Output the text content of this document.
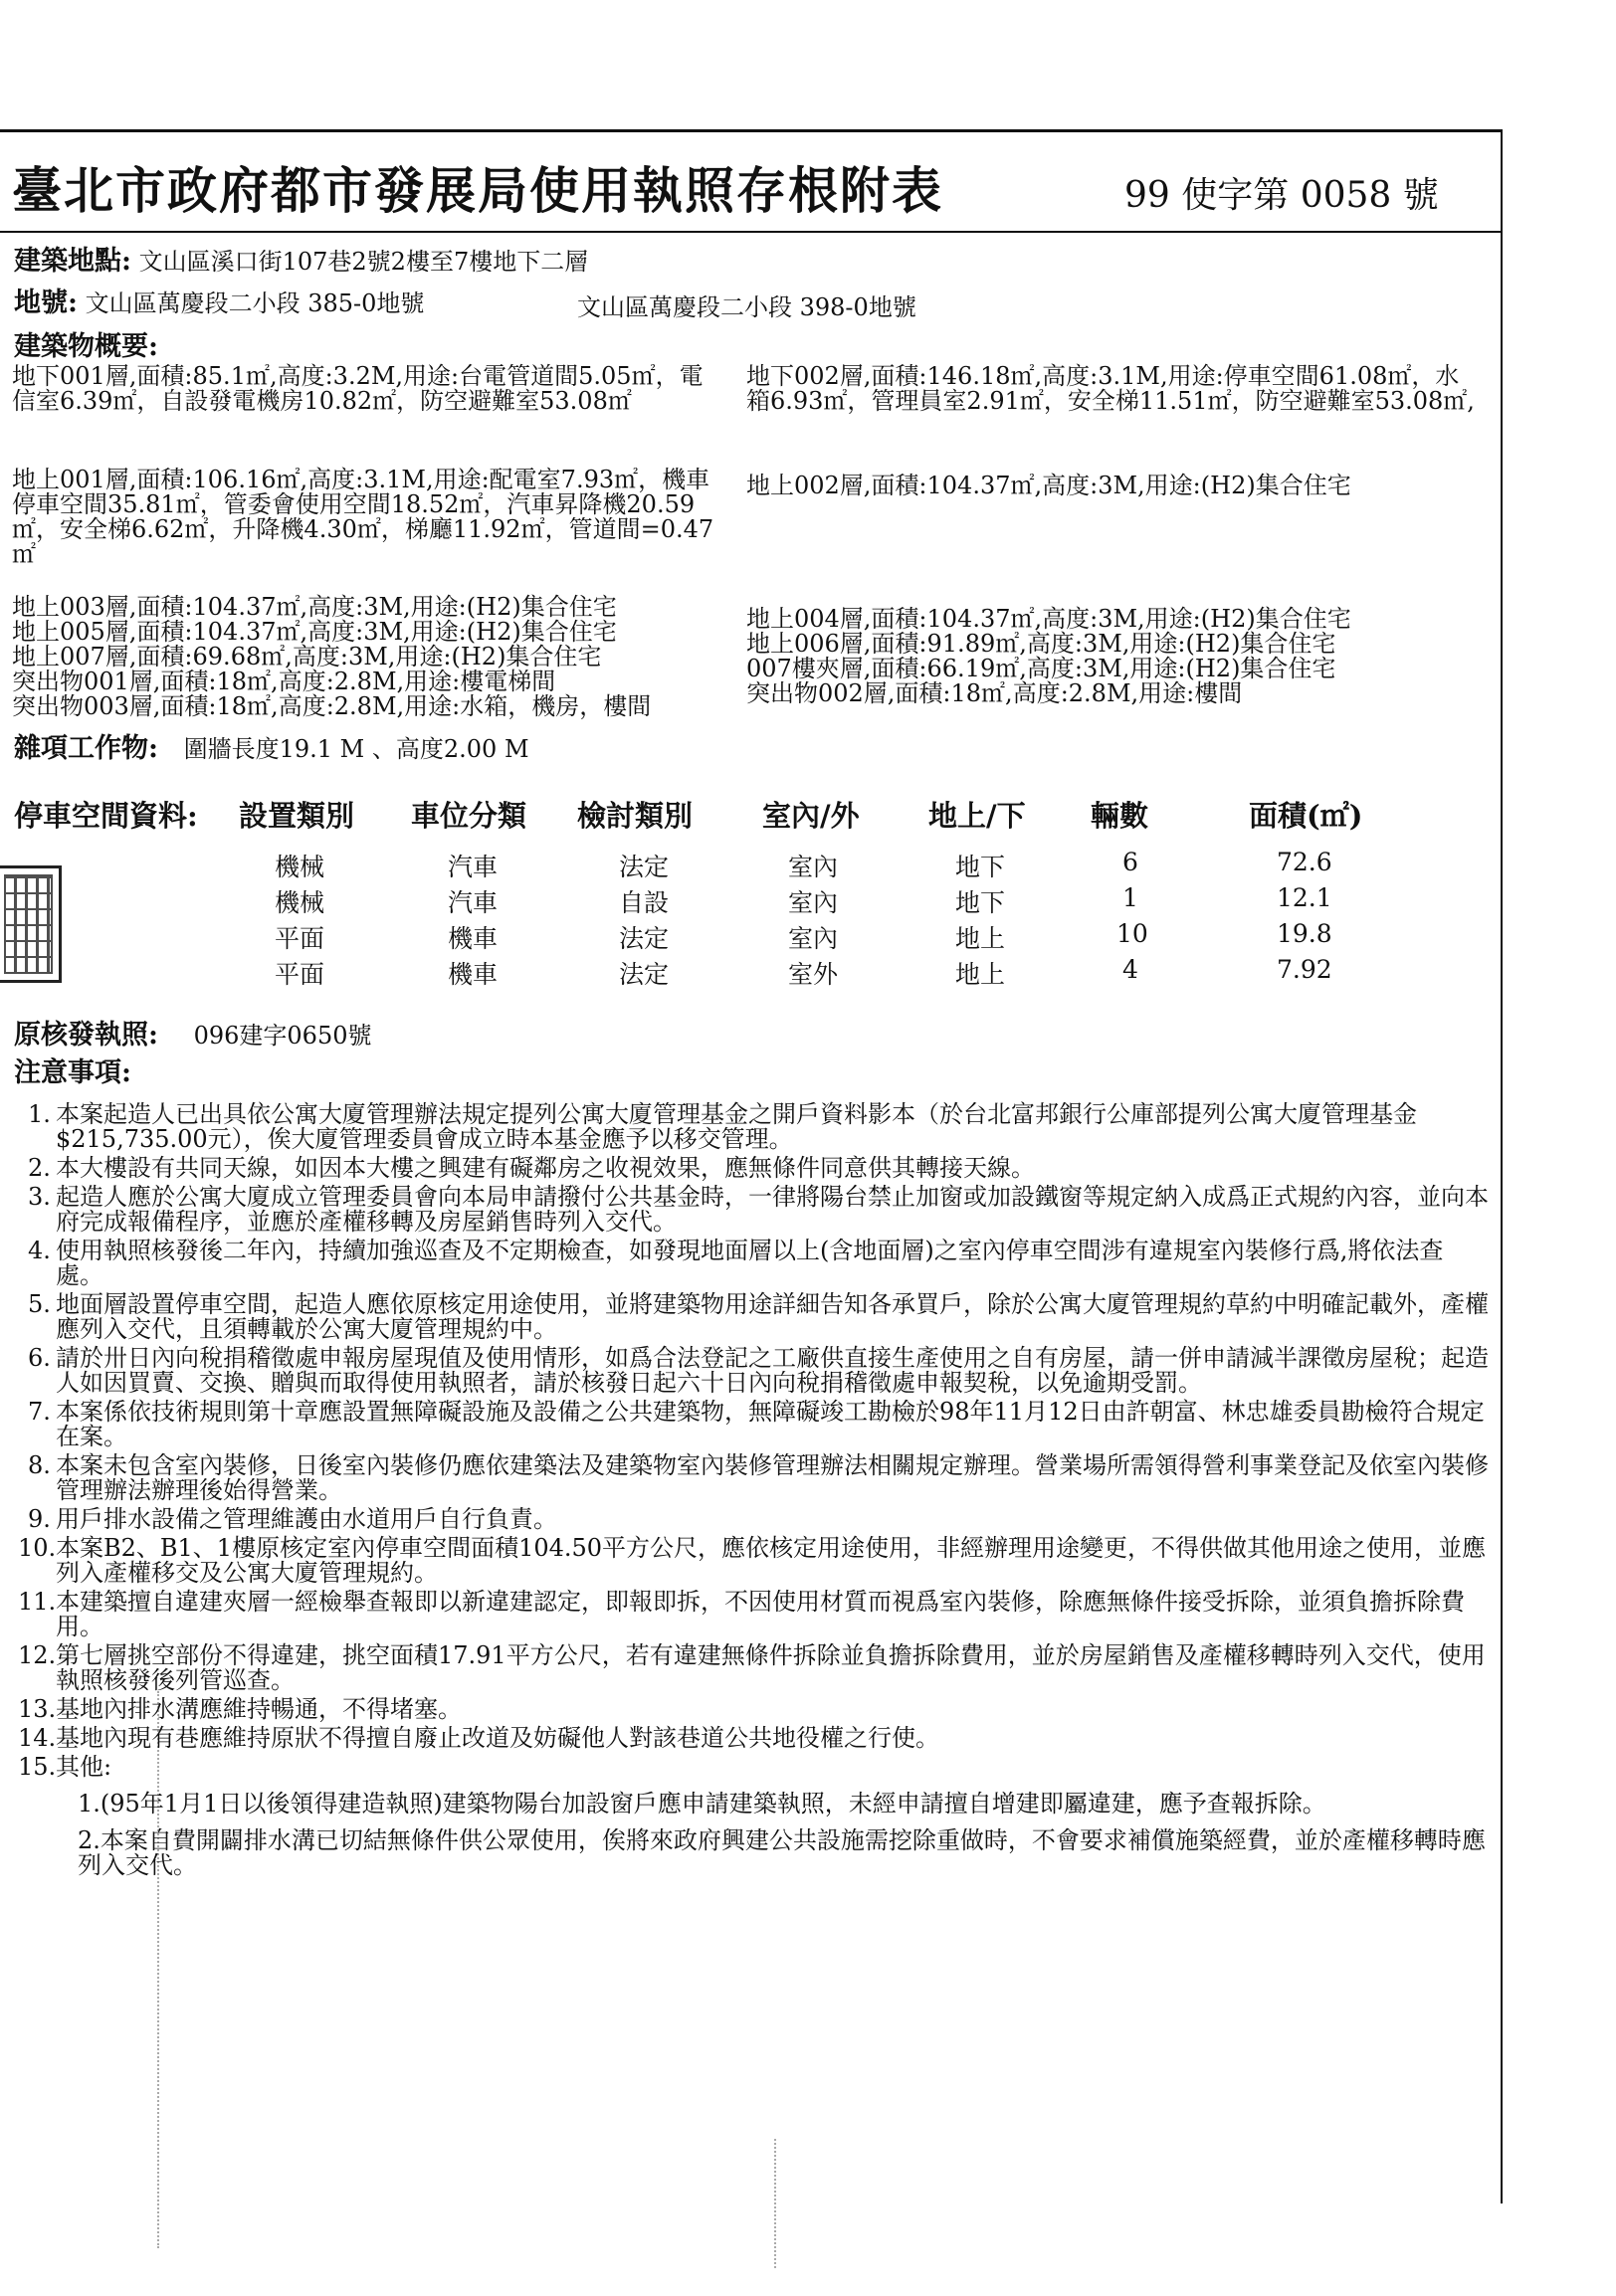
臺北市政府都市發展局使用執照存根附表	99 使字第 0058 號
建築地點: 文山區溪口街107巷2號2樓至7樓地下二層
地號: 文山區萬慶段二小段 385-0地號	文山區萬慶段二小段 398-0地號
建築物概要:
地下001層,面積:85.1㎡,高度:3.2M,用途:台電管道間5.05㎡，電信室6.39㎡，自設發電機房10.82㎡，防空避難室53.08㎡
地上001層,面積:106.16㎡,高度:3.1M,用途:配電室7.93㎡，機車停車空間35.81㎡，管委會使用空間18.52㎡，汽車昇降機20.59㎡，安全梯6.62㎡，升降機4.30㎡，梯廳11.92㎡，管道間=0.47㎡
地上003層,面積:104.37㎡,高度:3M,用途:(H2)集合住宅
地上005層,面積:104.37㎡,高度:3M,用途:(H2)集合住宅
地上007層,面積:69.68㎡,高度:3M,用途:(H2)集合住宅
突出物001層,面積:18㎡,高度:2.8M,用途:樓電梯間
突出物003層,面積:18㎡,高度:2.8M,用途:水箱，機房，樓間
地下002層,面積:146.18㎡,高度:3.1M,用途:停車空間61.08㎡，水箱6.93㎡，管理員室2.91㎡，安全梯11.51㎡，防空避難室53.08㎡,
地上002層,面積:104.37㎡,高度:3M,用途:(H2)集合住宅
地上004層,面積:104.37㎡,高度:3M,用途:(H2)集合住宅
地上006層,面積:91.89㎡,高度:3M,用途:(H2)集合住宅
007樓夾層,面積:66.19㎡,高度:3M,用途:(H2)集合住宅
突出物002層,面積:18㎡,高度:2.8M,用途:樓間
雜項工作物: 圍牆長度19.1 M 、高度2.00 M
停車空間資料: 設置類別 車位分類 檢討類別 室內/外 地上/下 輛數	面積(㎡)
機械	汽車	法定	室內	地下	6	72.6
機械	汽車	自設	室內	地下	1	12.1
平面	機車	法定	室內	地上	10	19.8
平面	機車	法定	室外	地上	4	7.92
原核發執照: 096建字0650號
注意事項:
1. 本案起造人已出具依公寓大廈管理辦法規定提列公寓大廈管理基金之開戶資料影本（於台北富邦銀行公庫部提列公寓大廈管理基金$215,735.00元），俟大廈管理委員會成立時本基金應予以移交管理。
2. 本大樓設有共同天線，如因本大樓之興建有礙鄰房之收視效果，應無條件同意供其轉接天線。
3. 起造人應於公寓大廈成立管理委員會向本局申請撥付公共基金時，一律將陽台禁止加窗或加設鐵窗等規定納入成爲正式規約內容，並向本府完成報備程序，並應於產權移轉及房屋銷售時列入交代。
4. 使用執照核發後二年內，持續加強巡查及不定期檢查，如發現地面層以上(含地面層)之室內停車空間涉有違規室內裝修行爲,將依法查處。
5. 地面層設置停車空間，起造人應依原核定用途使用，並將建築物用途詳細告知各承買戶，除於公寓大廈管理規約草約中明確記載外，產權應列入交代，且須轉載於公寓大廈管理規約中。
6. 請於卅日內向稅捐稽徵處申報房屋現值及使用情形，如爲合法登記之工廠供直接生產使用之自有房屋，請一併申請減半課徵房屋稅；起造人如因買賣、交換、贈與而取得使用執照者，請於核發日起六十日內向稅捐稽徵處申報契稅，以免逾期受罰。
7. 本案係依技術規則第十章應設置無障礙設施及設備之公共建築物，無障礙竣工勘檢於98年11月12日由許朝富、林忠雄委員勘檢符合規定在案。
8. 本案未包含室內裝修，日後室內裝修仍應依建築法及建築物室內裝修管理辦法相關規定辦理。營業場所需領得營利事業登記及依室內裝修管理辦法辦理後始得營業。
9. 用戶排水設備之管理維護由水道用戶自行負責。
10. 本案B2、B1、1樓原核定室內停車空間面積104.50平方公尺，應依核定用途使用，非經辦理用途變更，不得供做其他用途之使用，並應列入產權移交及公寓大廈管理規約。
11. 本建築擅自違建夾層一經檢舉查報即以新違建認定，即報即拆，不因使用材質而視爲室內裝修，除應無條件接受拆除，並須負擔拆除費用。
12. 第七層挑空部份不得違建，挑空面積17.91平方公尺，若有違建無條件拆除並負擔拆除費用，並於房屋銷售及產權移轉時列入交代，使用執照核發後列管巡查。
13. 基地內排水溝應維持暢通，不得堵塞。
14. 基地內現有巷應維持原狀不得擅自廢止改道及妨礙他人對該巷道公共地役權之行使。
15. 其他:
1.(95年1月1日以後領得建造執照)建築物陽台加設窗戶應申請建築執照，未經申請擅自增建即屬違建，應予查報拆除。
2.本案自費開闢排水溝已切結無條件供公眾使用，俟將來政府興建公共設施需挖除重做時，不會要求補償施築經費，並於產權移轉時應列入交代。
